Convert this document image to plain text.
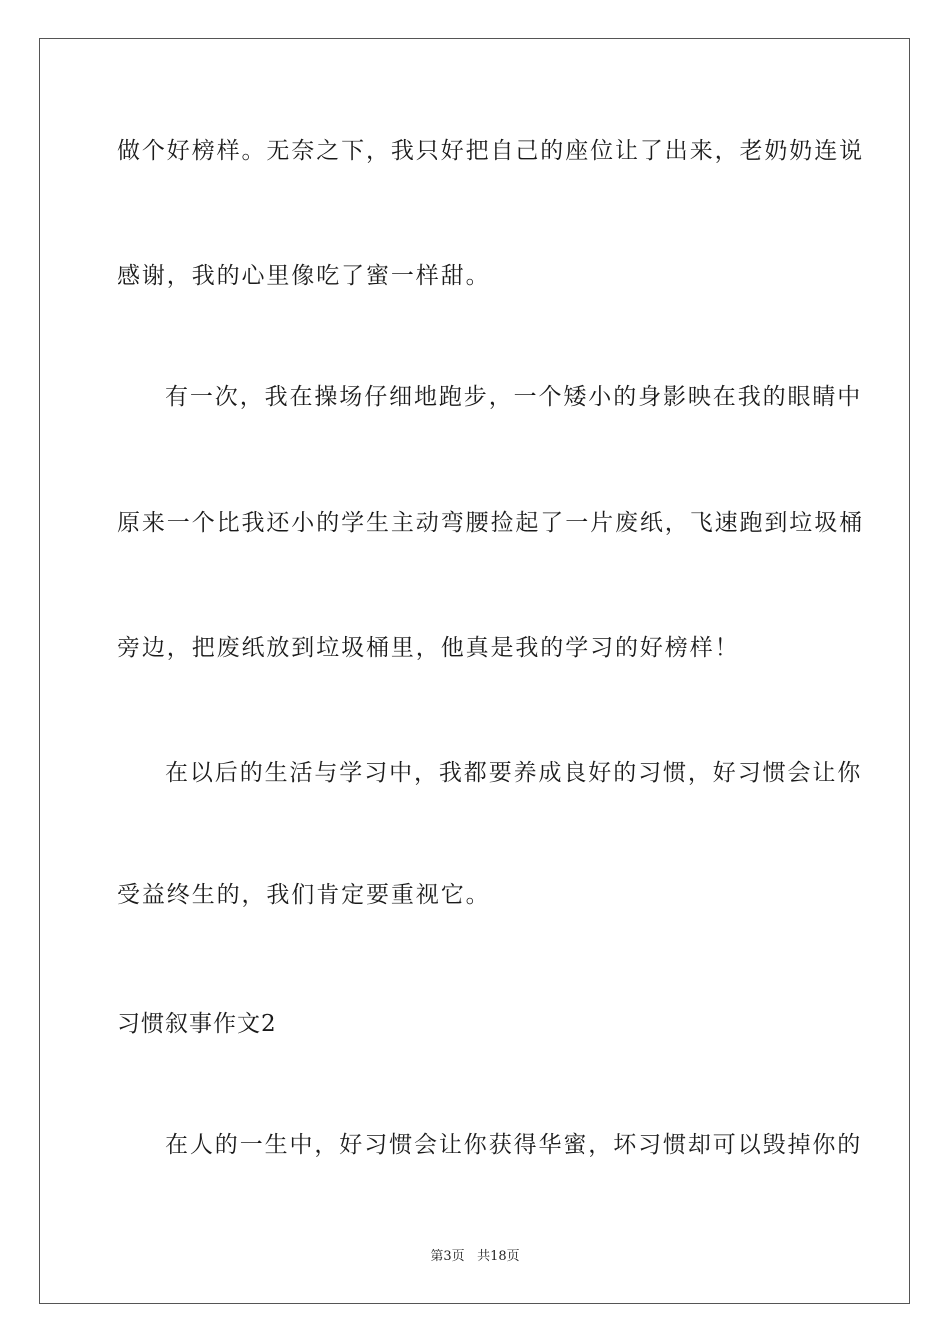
做个好榜样。无奈之下，我只好把自己的座位让了出来，老奶奶连说
感谢，我的心里像吃了蜜一样甜。
有一次，我在操场仔细地跑步，一个矮小的身影映在我的眼睛中
原来一个比我还小的学生主动弯腰捡起了一片废纸，飞速跑到垃圾桶
旁边，把废纸放到垃圾桶里，他真是我的学习的好榜样！
在以后的生活与学习中，我都要养成良好的习惯，好习惯会让你
受益终生的，我们肯定要重视它。
习惯叙事作文2
在人的一生中，好习惯会让你获得华蜜，坏习惯却可以毁掉你的
第3页 共18页
